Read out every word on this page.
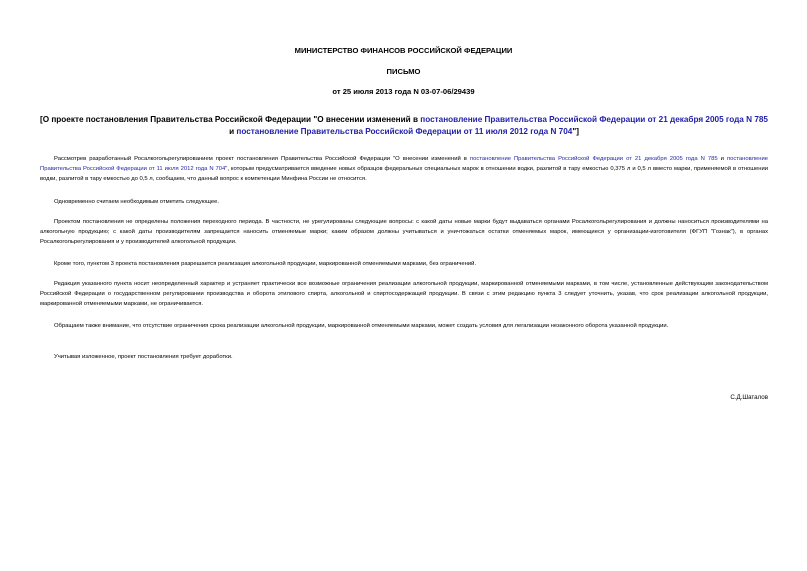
МИНИСТЕРСТВО ФИНАНСОВ РОССИЙСКОЙ ФЕДЕРАЦИИ
ПИСЬМО
от 25 июля 2013 года N 03-07-06/29439
[О проекте постановления Правительства Российской Федерации "О внесении изменений в постановление Правительства Российской Федерации от 21 декабря 2005 года N 785 и постановление Правительства Российской Федерации от 11 июля 2012 года N 704"]

Рассмотрев разработанный Росалкогольрегулированием проект постановления Правительства Российской Федерации "О внесении изменений в постановление Правительства Российской Федерации от 21 декабря 2005 года N 785 и постановление Правительства Российской Федерации от 11 июля 2012 года N 704", которым предусматривается введение новых образцов федеральных специальных марок в отношении водки, разлитой в тару емкостью 0,375 л и 0,5 л вместо марки, применяемой в отношении водки, разлитой в тару емкостью до 0,5 л, сообщаем, что данный вопрос к компетенции Минфина России не относится.

Одновременно считаем необходимым отметить следующее.

Проектом постановления не определены положения переходного периода. В частности, не урегулированы следующие вопросы: с какой даты новые марки будут выдаваться органами Росалкогольрегулирования и должны наноситься производителями на алкогольную продукцию; с какой даты производителям запрещается наносить отменяемые марки; каким образом должны учитываться и уничтожаться остатки отменяемых марок, имеющиеся у организации-изготовителя (ФГУП "Гознак"), в органах Росалкогольрегулирования и у производителей алкогольной продукции.

Кроме того, пунктом 3 проекта постановления разрешается реализация алкогольной продукции, маркированной отменяемыми марками, без ограничений.

Редакция указанного пункта носит неопределенный характер и устраняет практически все возможные ограничения реализации алкогольной продукции, маркированной отменяемыми марками, в том числе, установленные действующим законодательством Российской Федерации о государственном регулировании производства и оборота этилового спирта, алкогольной и спиртосодержащей продукции. В связи с этим редакцию пункта 3 следует уточнить, указав, что срок реализации алкогольной продукции, маркированной отменяемыми марками, не ограничивается.

Обращаем также внимание, что отсутствие ограничения срока реализации алкогольной продукции, маркированной отменяемыми марками, может создать условия для легализации незаконного оборота указанной продукции.

Учитывая изложенное, проект постановления требует доработки.

С.Д.Шаталов
